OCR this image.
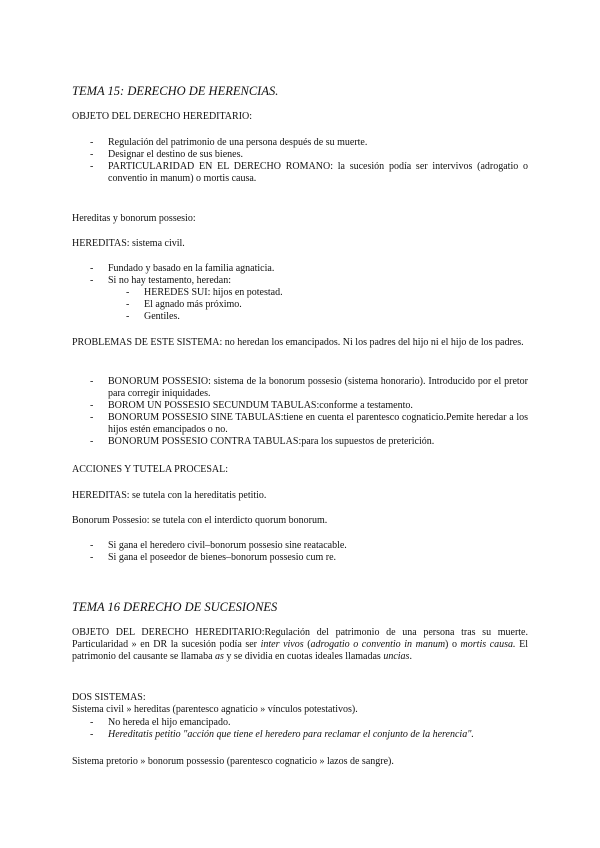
TEMA 15: DERECHO DE HERENCIAS.

OBJETO DEL DERECHO HEREDITARIO:

- Regulación del patrimonio de una persona después de su muerte.
- Designar el destino de sus bienes.
- PARTICULARIDAD EN EL DERECHO ROMANO: la sucesión podía ser intervivos (adrogatio o conventio in manum) o mortis causa.

Hereditas y bonorum possesio:

HEREDITAS: sistema civil.

- Fundado y basado en la familia agnaticia.
- Si no hay testamento, heredan:
- HEREDES SUI: hijos en potestad.
- El agnado más próximo.
- Gentiles.

PROBLEMAS DE ESTE SISTEMA: no heredan los emancipados. Ni los padres del hijo ni el hijo de los padres.

- BONORUM POSSESIO: sistema de la bonorum possesio (sistema honorario). Introducido por el pretor para corregir iniquidades.
- BOROM UN POSSESIO SECUNDUM TABULAS:conforme a testamento.
- BONORUM POSSESIO SINE TABULAS:tiene en cuenta el parentesco cognaticio.Pemite heredar a los hijos estén emancipados o no.
- BONORUM POSSESIO CONTRA TABULAS:para los supuestos de preterición.

ACCIONES Y TUTELA PROCESAL:

HEREDITAS: se tutela con la hereditatis petitio.

Bonorum Possesio: se tutela con el interdicto quorum bonorum.

- Si gana el heredero civil–bonorum possesio sine reatacable.
- Si gana el poseedor de bienes–bonorum possesio cum re.

TEMA 16 DERECHO DE SUCESIONES

OBJETO DEL DERECHO HEREDITARIO:Regulación del patrimonio de una persona tras su muerte. Particularidad » en DR la sucesión podía ser inter vivos (adrogatio o conventio in manum) o mortis causa. El patrimonio del causante se llamaba as y se dividia en cuotas ideales llamadas uncias.

DOS SISTEMAS:

Sistema civil » hereditas (parentesco agnaticio » vínculos potestativos).

- No hereda el hijo emancipado.
- Hereditatis petitio "acción que tiene el heredero para reclamar el conjunto de la herencia".

Sistema pretorio » bonorum possessio (parentesco cognaticio » lazos de sangre).
